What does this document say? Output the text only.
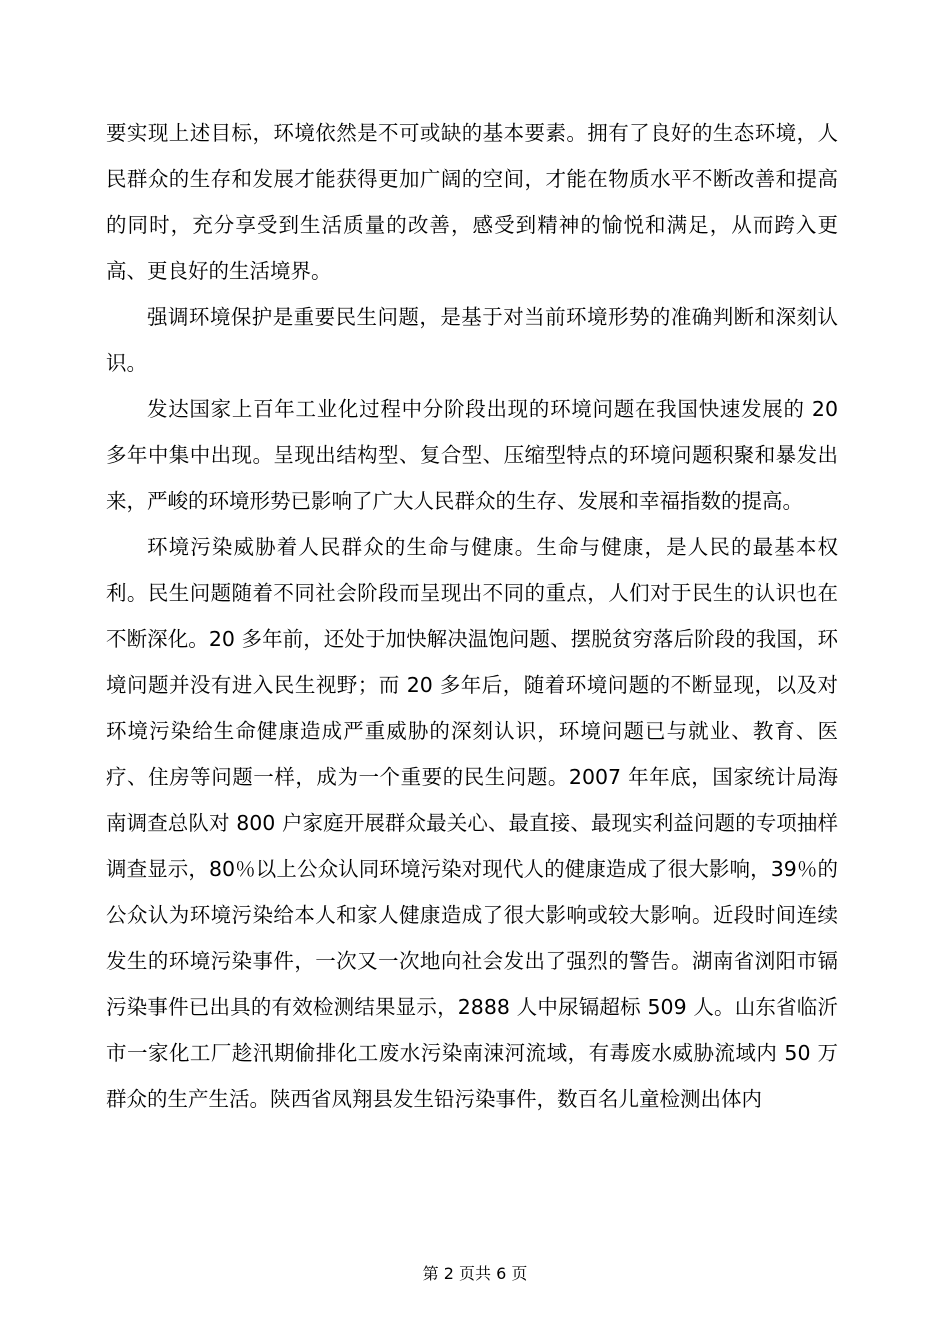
要实现上述目标，环境依然是不可或缺的基本要素。拥有了良好的生态环境，人民群众的生存和发展才能获得更加广阔的空间，才能在物质水平不断改善和提高的同时，充分享受到生活质量的改善，感受到精神的愉悦和满足，从而跨入更高、更良好的生活境界。

强调环境保护是重要民生问题，是基于对当前环境形势的准确判断和深刻认识。

发达国家上百年工业化过程中分阶段出现的环境问题在我国快速发展的 20 多年中集中出现。呈现出结构型、复合型、压缩型特点的环境问题积聚和暴发出来，严峻的环境形势已影响了广大人民群众的生存、发展和幸福指数的提高。

环境污染威胁着人民群众的生命与健康。生命与健康，是人民的最基本权利。民生问题随着不同社会阶段而呈现出不同的重点，人们对于民生的认识也在不断深化。20 多年前，还处于加快解决温饱问题、摆脱贫穷落后阶段的我国，环境问题并没有进入民生视野；而 20 多年后，随着环境问题的不断显现，以及对环境污染给生命健康造成严重威胁的深刻认识，环境问题已与就业、教育、医疗、住房等问题一样，成为一个重要的民生问题。2007 年年底，国家统计局海南调查总队对 800 户家庭开展群众最关心、最直接、最现实利益问题的专项抽样调查显示，80％以上公众认同环境污染对现代人的健康造成了很大影响，39％的公众认为环境污染给本人和家人健康造成了很大影响或较大影响。近段时间连续发生的环境污染事件，一次又一次地向社会发出了强烈的警告。湖南省浏阳市镉污染事件已出具的有效检测结果显示，2888 人中尿镉超标 509 人。山东省临沂市一家化工厂趁汛期偷排化工废水污染南涑河流域，有毒废水威胁流域内 50 万群众的生产生活。陕西省凤翔县发生铅污染事件，数百名儿童检测出体内

第 2 页共 6 页
